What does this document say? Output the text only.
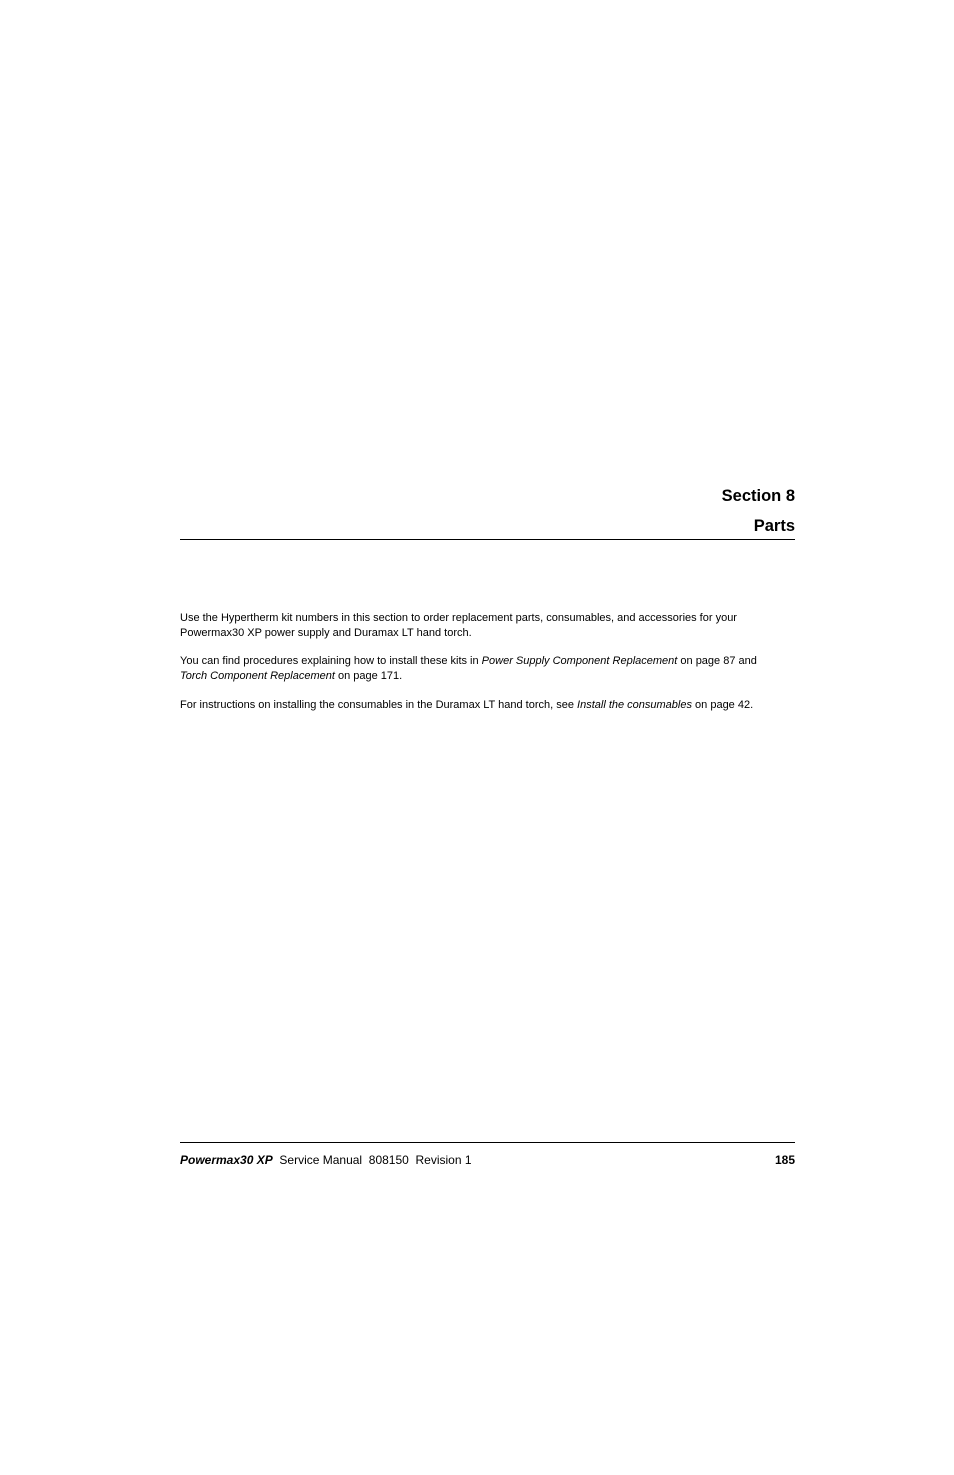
Section 8
Parts

Use the Hypertherm kit numbers in this section to order replacement parts, consumables, and accessories for your Powermax30 XP power supply and Duramax LT hand torch.

You can find procedures explaining how to install these kits in Power Supply Component Replacement on page 87 and
Torch Component Replacement on page 171.

For instructions on installing the consumables in the Duramax LT hand torch, see Install the consumables on page 42.

Powermax30 XP Service Manual 808150 Revision 1	185
